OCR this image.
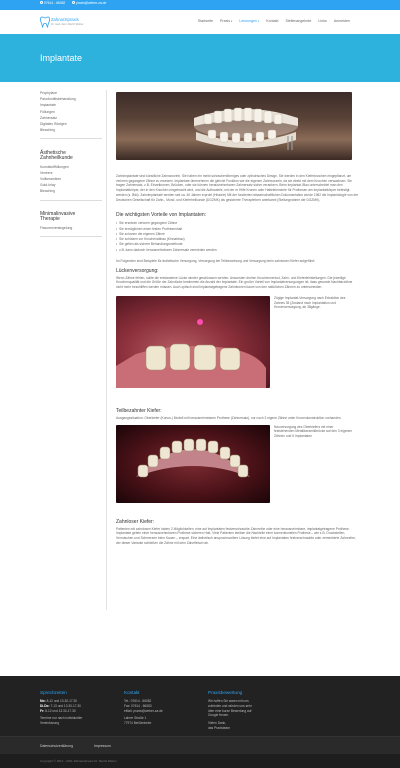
07614 - 66082	praxis@weber-za.de
Zahnarztpraxis
Dr. med. dent. Moritz Weber
Startseite Praxis ▾ Leistungen ▾ Kontakt Stellenangebote Links Anmelden
Implantate
Prophylaxe
Parodontitisbehandlung
Implantate
Füllungen
Zahnersatz
Digitales Röntgen
Bleaching
Ästhetische
Zahnheilkunde
Kunststofffüllungen
Veneers
Vollkeramiken
Gold-Inlay
Bleaching
Minimalinvasive
Therapie
Fissurenversiegelung

Zahnimplantate sind künstliche Zahnwurzeln. Sie haben ein meist schraubenförmiges oder zylindrisches Design. Sie werden in den Kieferknochen eingepflanzt, um verloren gegangene Zähne zu ersetzen. Implantate übernehmen die gleiche Funktion wie die eigenen Zahnwurzeln, da sie direkt mit dem Knochen verwachsen. Sie tragen Zahnersatz, z.B. Einzelkronen, Brücken, oder sie können herausnehmbaren Zahnersatz sicher verankern. Beim Implantat-/Bau unterscheidet man den Implantatkörper, der in den Knochen eingebracht wird, und die Aufbauteile, mit der er Hilfe Kronen oder Haltelelemente für Prothesen am Implantatkörper befestigt werden (s. Bild). Zahnimplantate werden seit ca. 40 Jahren erprobt (Historie) Mit der fundierten wissenschaftlichen Dokumentation wurde 1982 die Implantologie von der Deutschen Gesellschaft für Zahn-, Mund- und Kieferheilkunde (DGZMK) als gesicherte Therapieform anerkannt (Stellungnahme der DGZMK).

Die wichtigsten Vorteile von Implantaten:
• Sie ersetzen verloren gegangene Zähne
• Sie ermöglichen einen festen Prothesenhalt
• Sie schonen die eigenen Zähne
• Sie schützen vor Knochenabbau (Kinnabbau)
• Sie gelten als sichere Behandlungsmethode
• z.B. kann dadurch herausnehmbarer Zahnersatz vermieden werden

Im Folgenden sind Beispiele für ästhetische Versorgung, Versorgung bei Teilbezahnung und Versorgung beim zahnlosen Kiefer aufgeführt:

Lückenversorgung:

Wenn Zähne fehlen, sollte die entstandene Lücke wieder geschlossen werden. Ansonsten drohen Knochenverlust, Zahn- und Kieferfehlstellungen. Die jeweilige Knochenqualität und die Größe der Zahnlücke bestimmen die Anzahl der Implantate. Ein großer Vorteil von Implantatversorgungen ist, dass gesunde Nachbarzähne nicht mehr beschliffen werden müssen. Auch optisch sind Implantatgetragene Zahnkronen kaum von den natürlichen Zähnen zu unterscheiden.

Zügige Implantat-Versorgung nach Extraktion des Zahnes 35 (Zustand nach Implantation und Kronenversorgung, ab 38gänge.

Teilbezahnter Kiefer:

Ausgangssituation: Oberkiefer (Konus-) Modell mit herausnehmbaren Prothese (Zahnersatz), nur noch 3 eigene Zähne unter Kronenkonstruktion vorhanden.

Neuversorgung des Oberkiefers mit einer feststehenden Metallkeramikbrücke auf den 3 eigenen Zähnen und 5 Implantaten

Zahnloser Kiefer:

Patienten mit zahnlosen Kiefer haben 2 Möglichkeiten, eine auf Implantaten festverschraubte Zahnreihe oder eine herausnehmbare, implantatgetragene Prothese. Implantate geben einer herausnehmbaren Prothese sicheren Halt. Viele Patienten bleiben die Nachteile einer konventionellen Prothese – wie z.B. Druckstellen, Verrutschen und Schmerzen beim Kauen – erspart. Eine ästhetisch anspruchsvollere Lösung bietet eine auf Implantaten festverschraubte oder zementierte Zahnreihe, der dieser Variante schließen die Zähne mit dem Zahnfleisch ab.

Sprechzeiten
Mo: 8-12 und 13.30-17.30
Di-Do: 7-13 und 13.30-17.30
Fr: 8-12 und 13.30-17.30
Termine nur nach individueller
Vereinbarung
Kontakt
Tel.: 07614 - 66082
Fax: 07614 - 66083
eMail: praxis@weber-za.de
Lahrer Straße 1
77974 Meißenheim
Praxisbewertung
Wir hoffen Sie waren mit uns
zufrieden und würden uns sehr
über eine kurze Bewertung auf
Google freuen.
Vielen Dank,
das Praxisteam
Datenschutzerklärung	Impressum
Copyright © 2014 - 2021 Zahnarztpraxis Dr. Moritz Weber
